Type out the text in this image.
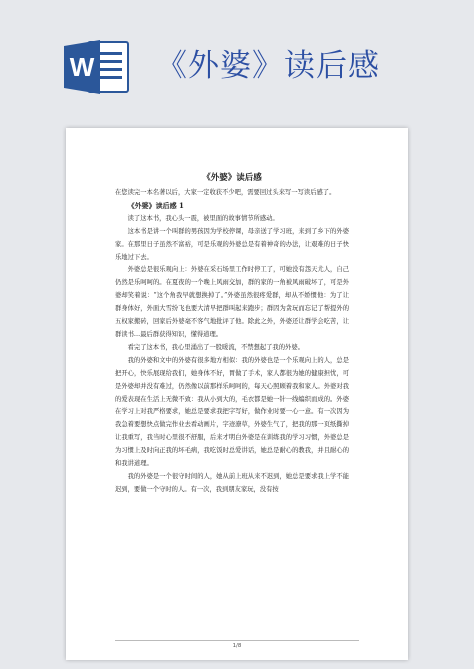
W 《外婆》读后感
《外婆》读后感

在您读完一本名著以后，大家一定收获不少吧，需要回过头来写一写读后感了。

《外婆》读后感 1

读了这本书，我心头一震，被里面的故事情节所感动。

这本书是讲一个叫群的男孩因为学校停课，母亲送了学习班，来到了乡下的外婆家。在那里日子虽然不富裕，可是乐观的外婆总是有着神奇的办法，让艰难的日子快乐地过下去。

外婆总是很乐观向上：外婆在采石场里工作时停工了，可她没有怨天尤人，自己仍然是乐呵呵的。在夏夜的一个晚上风雨交加，群的家的一角被风雨破坏了，可是外婆却笑着说：“这个角我早就想换掉了。”外婆虽然很疼爱群，却从不娇惯他：为了让群身体好，外面大雪纷飞也要大清早把群叫起来跑步；群因为贪玩而忘记了帮提外的五权家搬砖，回家后外婆毫不客气地批评了他。除此之外，外婆还让群学会吃苦，让群读书…最后群获得知识，懂得道理。

看完了这本书，我心里涌出了一股暖流，不禁想起了我的外婆。

我的外婆和文中的外婆有很多地方相似：我的外婆也是一个乐观向上的人，总是把开心，快乐展现给我们，她身体不好，胃做了手术，家人都很为她的健康担忧，可是外婆却并没有难过，仍然像以前那样乐呵呵的，每天心照顾着我和家人。外婆对我的爱表现在生活上无微不致：我从小到大的，毛衣都是她一针一线编织而成的。外婆在学习上对我严格要求，她总是要求我把字写好，做作业时要一心一意。有一次因为我急着要想快点做完作业去看动画片，字迹潦草，外婆生气了，把我的那一页纸撕掉让我重写，我当时心里很不舒服，后来才明白外婆是在训练我的学习习惯，外婆总是为习惯上及时向正我的坏毛病，我吃饭时总爱讲话，她总是耐心的教我，并且耐心的和我讲道理。

我的外婆是一个很守时间的人，她从前上班从来不迟到，她总是要求我上学不能迟到，要做一个守时的人。有一次，我到朋友家玩，没有按

1/8
